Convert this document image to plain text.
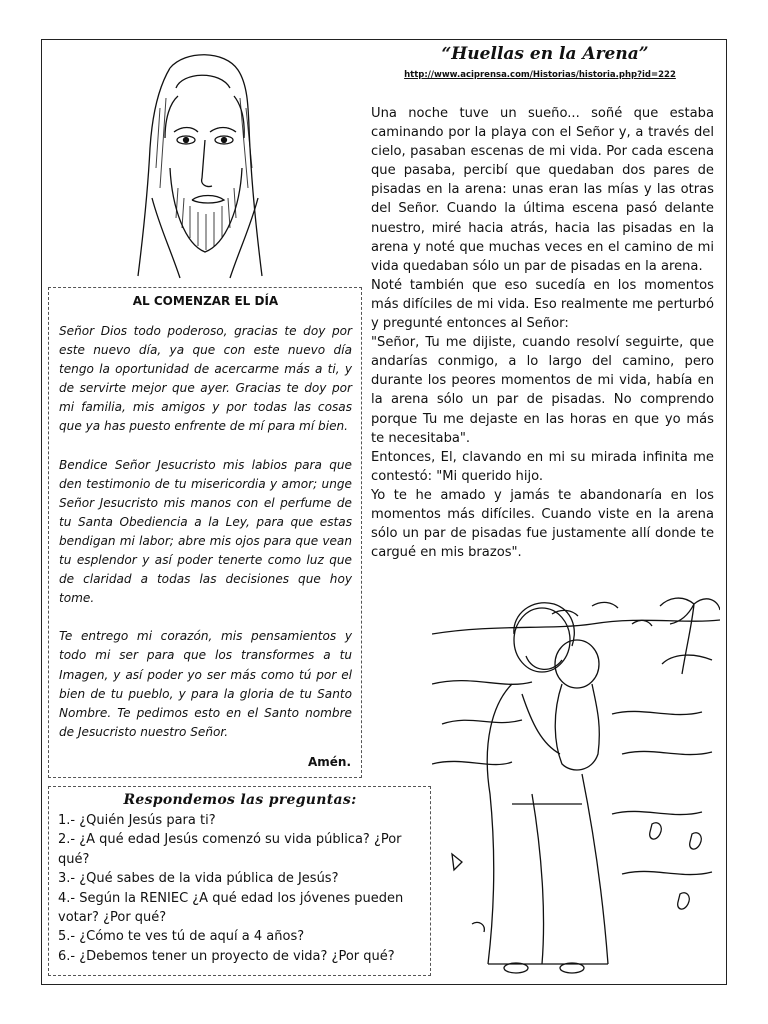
“Huellas en la Arena”
http://www.aciprensa.com/Historias/historia.php?id=222

Una noche tuve un sueño... soñé que estaba caminando por la playa con el Señor y, a través del cielo, pasaban escenas de mi vida. Por cada escena que pasaba, percibí que quedaban dos pares de pisadas en la arena: unas eran las mías y las otras del Señor. Cuando la última escena pasó delante nuestro, miré hacia atrás, hacia las pisadas en la arena y noté que muchas veces en el camino de mi vida quedaban sólo un par de pisadas en la arena.

Noté también que eso sucedía en los momentos más difíciles de mi vida. Eso realmente me perturbó y pregunté entonces al Señor:

"Señor, Tu me dijiste, cuando resolví seguirte, que andarías conmigo, a lo largo del camino, pero durante los peores momentos de mi vida, había en la arena sólo un par de pisadas. No comprendo porque Tu me dejaste en las horas en que yo más te necesitaba".

Entonces, El, clavando en mi su mirada infinita me contestó: "Mi querido hijo.

Yo te he amado y jamás te abandonaría en los momentos más difíciles. Cuando viste en la arena sólo un par de pisadas fue justamente allí donde te cargué en mis brazos".

AL COMENZAR EL DÍA

Señor Dios todo poderoso, gracias te doy por este nuevo día, ya que con este nuevo día tengo la oportunidad de acercarme más a ti, y de servirte mejor que ayer. Gracias te doy por mi familia, mis amigos y por todas las cosas que ya has puesto enfrente de mí para mí bien.

Bendice Señor Jesucristo mis labios para que den testimonio de tu misericordia y amor; unge Señor Jesucristo mis manos con el perfume de tu Santa Obediencia a la Ley, para que estas bendigan mi labor; abre mis ojos para que vean tu esplendor y así poder tenerte como luz que de claridad a todas las decisiones que hoy tome.

Te entrego mi corazón, mis pensamientos y todo mi ser para que los transformes a tu Imagen, y así poder yo ser más como tú por el bien de tu pueblo, y para la gloria de tu Santo Nombre. Te pedimos esto en el Santo nombre de Jesucristo nuestro Señor.

Amén.
Respondemos las preguntas:
1.- ¿Quién Jesús para ti?
2.- ¿A qué edad Jesús comenzó su vida pública? ¿Por qué?
3.- ¿Qué sabes de la vida pública de Jesús?
4.- Según la RENIEC ¿A qué edad los jóvenes pueden votar? ¿Por qué?
5.- ¿Cómo te ves tú de aquí a 4 años?
6.- ¿Debemos tener un proyecto de vida? ¿Por qué?
